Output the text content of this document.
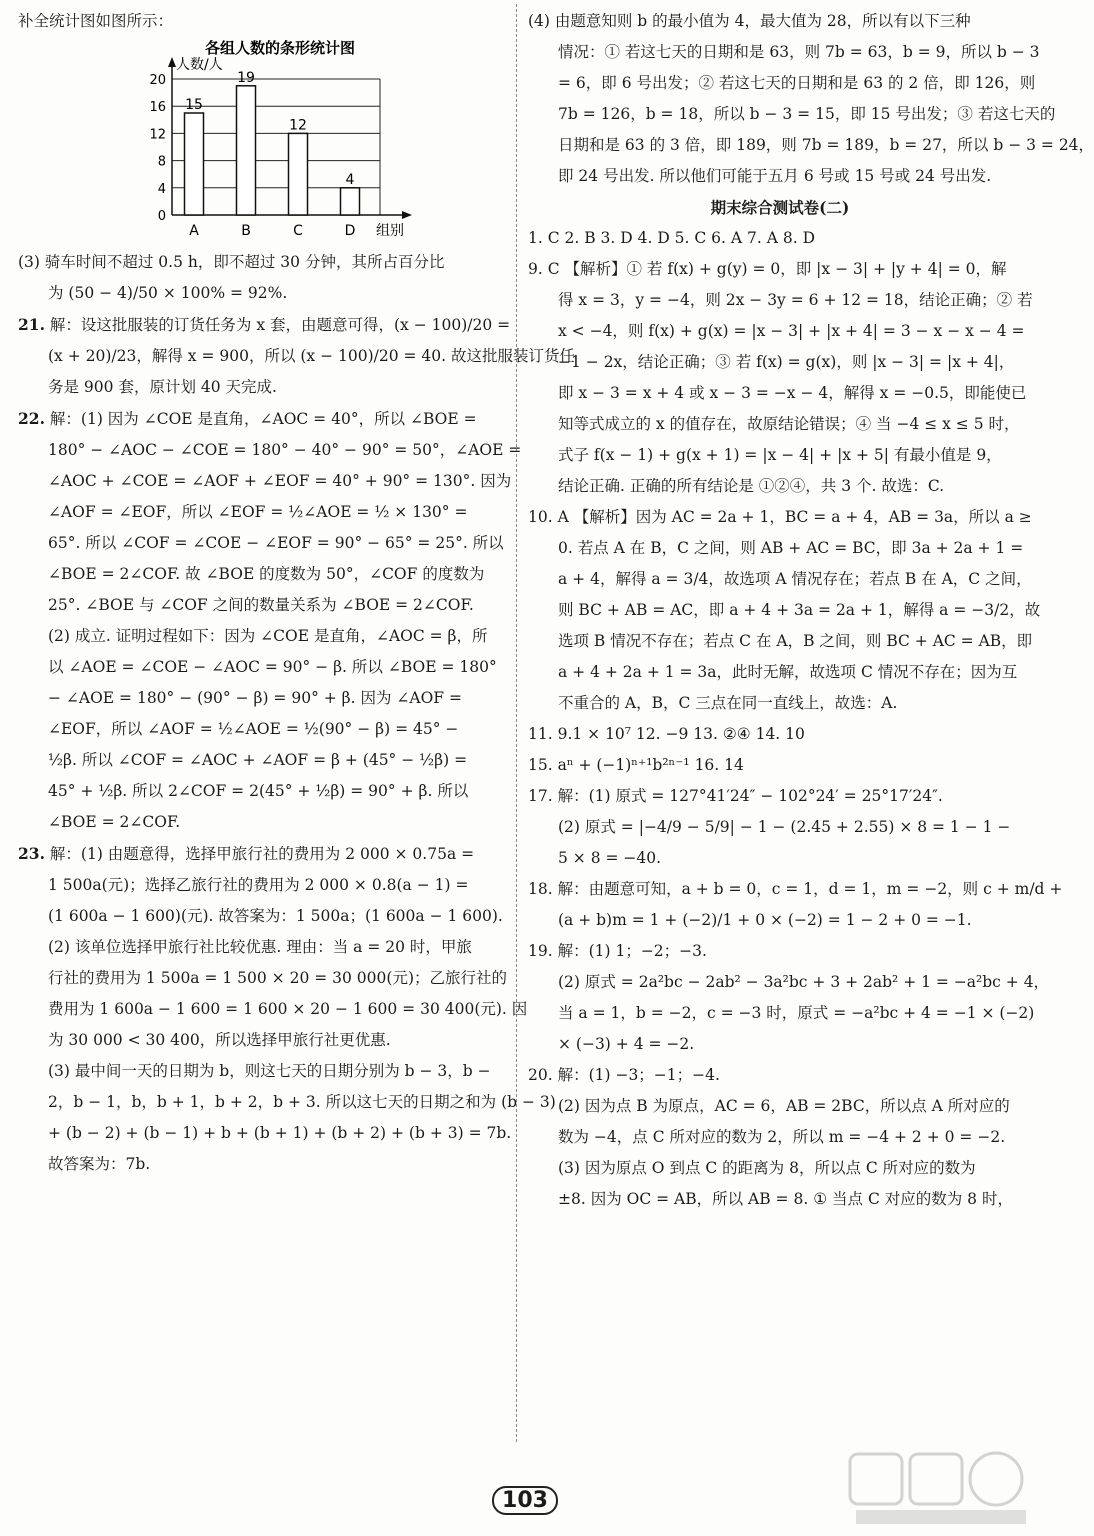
补全统计图如图所示：
各组人数的条形统计图
人数/人
0
4
8
12
16
20
15
A
19
B
12
C
4
D 组别
(3) 骑车时间不超过 0.5 h，即不超过 30 分钟，其所占百分比
为 (50 − 4)/50 × 100% = 92%.
21. 解：设这批服装的订货任务为 x 套，由题意可得，(x − 100)/20 =
(x + 20)/23，解得 x = 900，所以 (x − 100)/20 = 40. 故这批服装订货任
务是 900 套，原计划 40 天完成.
22. 解：(1) 因为 ∠COE 是直角，∠AOC = 40°，所以 ∠BOE =
180° − ∠AOC − ∠COE = 180° − 40° − 90° = 50°，∠AOE =
∠AOC + ∠COE = ∠AOF + ∠EOF = 40° + 90° = 130°. 因为
∠AOF = ∠EOF，所以 ∠EOF = ½∠AOE = ½ × 130° =
65°. 所以 ∠COF = ∠COE − ∠EOF = 90° − 65° = 25°. 所以
∠BOE = 2∠COF. 故 ∠BOE 的度数为 50°，∠COF 的度数为
25°. ∠BOE 与 ∠COF 之间的数量关系为 ∠BOE = 2∠COF.
(2) 成立. 证明过程如下：因为 ∠COE 是直角，∠AOC = β，所
以 ∠AOE = ∠COE − ∠AOC = 90° − β. 所以 ∠BOE = 180°
− ∠AOE = 180° − (90° − β) = 90° + β. 因为 ∠AOF =
∠EOF，所以 ∠AOF = ½∠AOE = ½(90° − β) = 45° −
½β. 所以 ∠COF = ∠AOC + ∠AOF = β + (45° − ½β) =
45° + ½β. 所以 2∠COF = 2(45° + ½β) = 90° + β. 所以
∠BOE = 2∠COF.
23. 解：(1) 由题意得，选择甲旅行社的费用为 2 000 × 0.75a =
1 500a(元)；选择乙旅行社的费用为 2 000 × 0.8(a − 1) =
(1 600a − 1 600)(元). 故答案为：1 500a；(1 600a − 1 600).
(2) 该单位选择甲旅行社比较优惠. 理由：当 a = 20 时，甲旅
行社的费用为 1 500a = 1 500 × 20 = 30 000(元)；乙旅行社的
费用为 1 600a − 1 600 = 1 600 × 20 − 1 600 = 30 400(元). 因
为 30 000 < 30 400，所以选择甲旅行社更优惠.
(3) 最中间一天的日期为 b，则这七天的日期分别为 b − 3，b −
2，b − 1，b，b + 1，b + 2，b + 3. 所以这七天的日期之和为 (b − 3)
+ (b − 2) + (b − 1) + b + (b + 1) + (b + 2) + (b + 3) = 7b.
故答案为：7b.
(4) 由题意知则 b 的最小值为 4，最大值为 28，所以有以下三种
情况：① 若这七天的日期和是 63，则 7b = 63，b = 9，所以 b − 3
= 6，即 6 号出发；② 若这七天的日期和是 63 的 2 倍，即 126，则
7b = 126，b = 18，所以 b − 3 = 15，即 15 号出发；③ 若这七天的
日期和是 63 的 3 倍，即 189，则 7b = 189，b = 27，所以 b − 3 = 24，
即 24 号出发. 所以他们可能于五月 6 号或 15 号或 24 号出发.
期末综合测试卷(二)
1. C 2. B 3. D 4. D 5. C 6. A 7. A 8. D
9. C 【解析】① 若 f(x) + g(y) = 0，即 |x − 3| + |y + 4| = 0，解
得 x = 3，y = −4，则 2x − 3y = 6 + 12 = 18，结论正确；② 若
x < −4，则 f(x) + g(x) = |x − 3| + |x + 4| = 3 − x − x − 4 =
−1 − 2x，结论正确；③ 若 f(x) = g(x)，则 |x − 3| = |x + 4|，
即 x − 3 = x + 4 或 x − 3 = −x − 4，解得 x = −0.5，即能使已
知等式成立的 x 的值存在，故原结论错误；④ 当 −4 ≤ x ≤ 5 时，
式子 f(x − 1) + g(x + 1) = |x − 4| + |x + 5| 有最小值是 9，
结论正确. 正确的所有结论是 ①②④，共 3 个. 故选：C.
10. A 【解析】因为 AC = 2a + 1，BC = a + 4，AB = 3a，所以 a ≥
0. 若点 A 在 B，C 之间，则 AB + AC = BC，即 3a + 2a + 1 =
a + 4，解得 a = 3/4，故选项 A 情况存在；若点 B 在 A，C 之间，
则 BC + AB = AC，即 a + 4 + 3a = 2a + 1，解得 a = −3/2，故
选项 B 情况不存在；若点 C 在 A，B 之间，则 BC + AC = AB，即
a + 4 + 2a + 1 = 3a，此时无解，故选项 C 情况不存在；因为互
不重合的 A，B，C 三点在同一直线上，故选：A.
11. 9.1 × 10⁷ 12. −9 13. ②④ 14. 10
15. aⁿ + (−1)ⁿ⁺¹b²ⁿ⁻¹ 16. 14
17. 解：(1) 原式 = 127°41′24″ − 102°24′ = 25°17′24″.
(2) 原式 = |−4/9 − 5/9| − 1 − (2.45 + 2.55) × 8 = 1 − 1 −
5 × 8 = −40.
18. 解：由题意可知，a + b = 0，c = 1，d = 1，m = −2，则 c + m/d +
(a + b)m = 1 + (−2)/1 + 0 × (−2) = 1 − 2 + 0 = −1.
19. 解：(1) 1；−2；−3.
(2) 原式 = 2a²bc − 2ab² − 3a²bc + 3 + 2ab² + 1 = −a²bc + 4，
当 a = 1，b = −2，c = −3 时，原式 = −a²bc + 4 = −1 × (−2)
× (−3) + 4 = −2.
20. 解：(1) −3；−1；−4.
(2) 因为点 B 为原点，AC = 6，AB = 2BC，所以点 A 所对应的
数为 −4，点 C 所对应的数为 2，所以 m = −4 + 2 + 0 = −2.
(3) 因为原点 O 到点 C 的距离为 8，所以点 C 所对应的数为
±8. 因为 OC = AB，所以 AB = 8. ① 当点 C 对应的数为 8 时，
103
